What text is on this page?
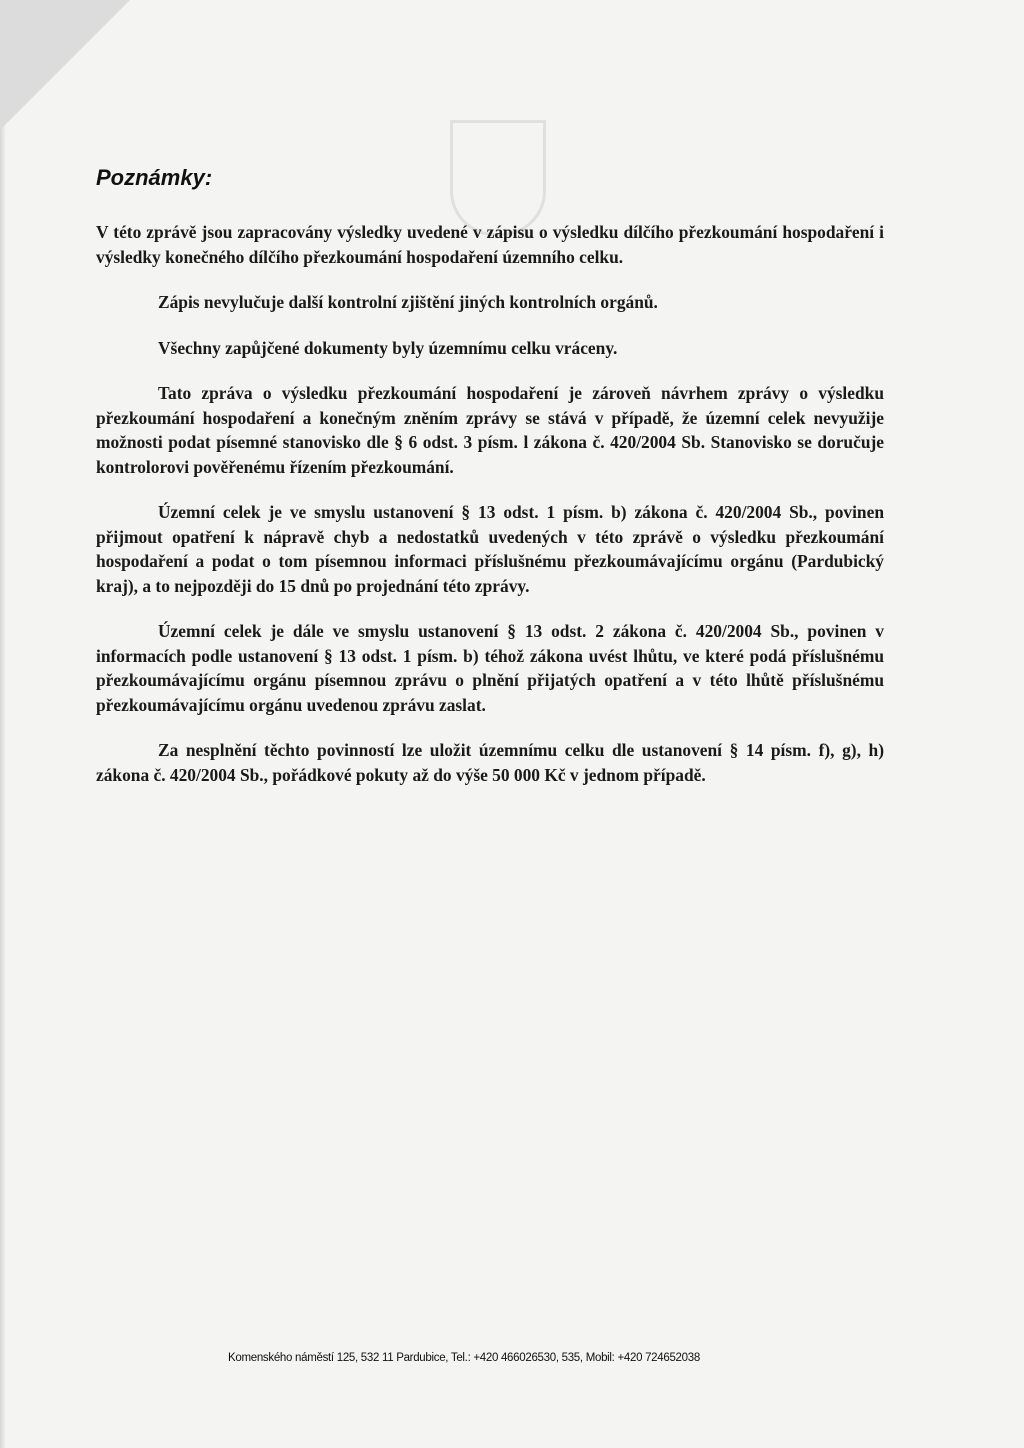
Poznámky:

V této zprávě jsou zapracovány výsledky uvedené v zápisu o výsledku dílčího přezkoumání hospodaření i výsledky konečného dílčího přezkoumání hospodaření územního celku.

Zápis nevylučuje další kontrolní zjištění jiných kontrolních orgánů.

Všechny zapůjčené dokumenty byly územnímu celku vráceny.

Tato zpráva o výsledku přezkoumání hospodaření je zároveň návrhem zprávy o výsledku přezkoumání hospodaření a konečným zněním zprávy se stává v případě, že územní celek nevyužije možnosti podat písemné stanovisko dle § 6 odst. 3 písm. l zákona č. 420/2004 Sb. Stanovisko se doručuje kontrolorovi pověřenému řízením přezkoumání.

Územní celek je ve smyslu ustanovení § 13 odst. 1 písm. b) zákona č. 420/2004 Sb., povinen přijmout opatření k nápravě chyb a nedostatků uvedených v této zprávě o výsledku přezkoumání hospodaření a podat o tom písemnou informaci příslušnému přezkoumávajícímu orgánu (Pardubický kraj), a to nejpozději do 15 dnů po projednání této zprávy.

Územní celek je dále ve smyslu ustanovení § 13 odst. 2 zákona č. 420/2004 Sb., povinen v informacích podle ustanovení § 13 odst. 1 písm. b) téhož zákona uvést lhůtu, ve které podá příslušnému přezkoumávajícímu orgánu písemnou zprávu o plnění přijatých opatření a v této lhůtě příslušnému přezkoumávajícímu orgánu uvedenou zprávu zaslat.

Za nesplnění těchto povinností lze uložit územnímu celku dle ustanovení § 14 písm. f), g), h) zákona č. 420/2004 Sb., pořádkové pokuty až do výše 50 000 Kč v jednom případě.

Komenského náměstí 125, 532 11 Pardubice, Tel.: +420 466026530, 535, Mobil: +420 724652038
